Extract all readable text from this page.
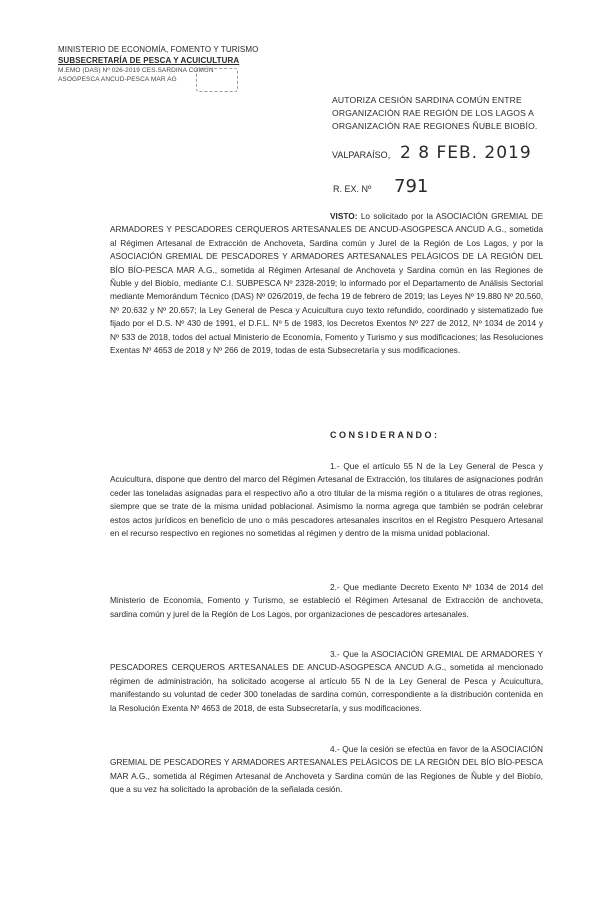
MINISTERIO DE ECONOMÍA, FOMENTO Y TURISMO
SUBSECRETARÍA DE PESCA Y ACUICULTURA
M.EMO (DAS) Nº 026-2019 CES.SARDINA COMÚN
ASOGPESCA ANCUD-PESCA MAR AG
AUTORIZA CESIÓN SARDINA COMÚN ENTRE ORGANIZACIÓN RAE REGIÓN DE LOS LAGOS A ORGANIZACIÓN RAE REGIONES ÑUBLE BIOBÍO.
VALPARAÍSO, 2 8 FEB. 2019
R. EX. Nº 791
VISTO: Lo solicitado por la ASOCIACIÓN GREMIAL DE ARMADORES Y PESCADORES CERQUEROS ARTESANALES DE ANCUD-ASOGPESCA ANCUD A.G., sometida al Régimen Artesanal de Extracción de Anchoveta, Sardina común y Jurel de la Región de Los Lagos, y por la ASOCIACIÓN GREMIAL DE PESCADORES Y ARMADORES ARTESANALES PELÁGICOS DE LA REGIÓN DEL BÍO BÍO-PESCA MAR A.G., sometida al Régimen Artesanal de Anchoveta y Sardina común en las Regiones de Ñuble y del Biobío, mediante C.I. SUBPESCA Nº 2328-2019; lo informado por el Departamento de Análisis Sectorial mediante Memorándum Técnico (DAS) Nº 026/2019, de fecha 19 de febrero de 2019; las Leyes Nº 19.880 Nº 20.560, Nº 20.632 y Nº 20.657; la Ley General de Pesca y Acuicultura cuyo texto refundido, coordinado y sistematizado fue fijado por el D.S. Nº 430 de 1991, el D.F.L. Nº 5 de 1983, los Decretos Exentos Nº 227 de 2012, Nº 1034 de 2014 y Nº 533 de 2018, todos del actual Ministerio de Economía, Fomento y Turismo y sus modificaciones; las Resoluciones Exentas Nº 4653 de 2018 y Nº 266 de 2019, todas de esta Subsecretaría y sus modificaciones.
CONSIDERANDO:
1.- Que el artículo 55 N de la Ley General de Pesca y Acuicultura, dispone que dentro del marco del Régimen Artesanal de Extracción, los titulares de asignaciones podrán ceder las toneladas asignadas para el respectivo año a otro titular de la misma región o a titulares de otras regiones, siempre que se trate de la misma unidad poblacional. Asimismo la norma agrega que también se podrán celebrar estos actos jurídicos en beneficio de uno o más pescadores artesanales inscritos en el Registro Pesquero Artesanal en el recurso respectivo en regiones no sometidas al régimen y dentro de la misma unidad poblacional.
2.- Que mediante Decreto Exento Nº 1034 de 2014 del Ministerio de Economía, Fomento y Turismo, se estableció el Régimen Artesanal de Extracción de anchoveta, sardina común y jurel de la Región de Los Lagos, por organizaciones de pescadores artesanales.
3.- Que la ASOCIACIÓN GREMIAL DE ARMADORES Y PESCADORES CERQUEROS ARTESANALES DE ANCUD-ASOGPESCA ANCUD A.G., sometida al mencionado régimen de administración, ha solicitado acogerse al artículo 55 N de la Ley General de Pesca y Acuicultura, manifestando su voluntad de ceder 300 toneladas de sardina común, correspondiente a la distribución contenida en la Resolución Exenta Nº 4653 de 2018, de esta Subsecretaría, y sus modificaciones.
4.- Que la cesión se efectúa en favor de la ASOCIACIÓN GREMIAL DE PESCADORES Y ARMADORES ARTESANALES PELÁGICOS DE LA REGIÓN DEL BÍO BÍO-PESCA MAR A.G., sometida al Régimen Artesanal de Anchoveta y Sardina común de las Regiones de Ñuble y del Biobío, que a su vez ha solicitado la aprobación de la señalada cesión.
